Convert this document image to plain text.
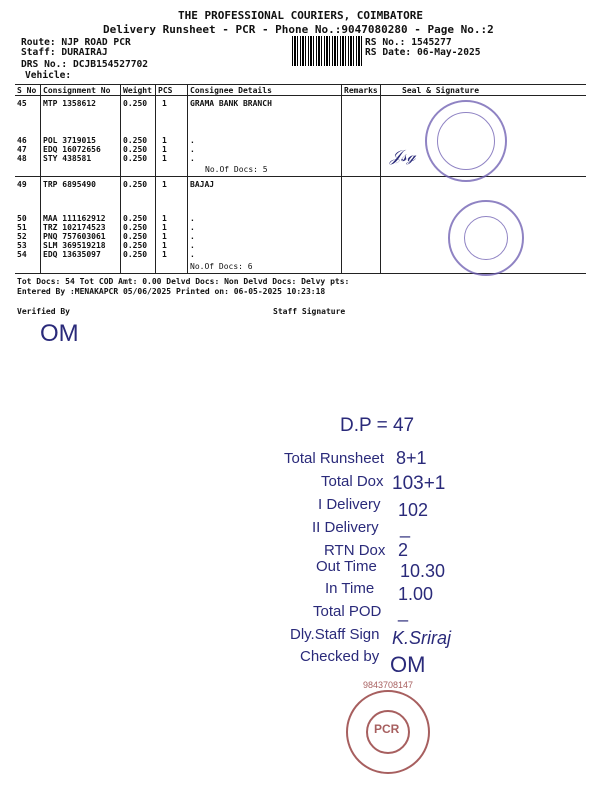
THE PROFESSIONAL COURIERS, COIMBATORE
Delivery Runsheet - PCR - Phone No.:9047080280 - Page No.:2
Route: NJP ROAD PCR
Staff: DURAIRAJ
DRS No.: DCJB154527702
Vehicle:
RS No.: 1545277
RS Date: 06-May-2025
S No Consignment No Weight PCS Consignee Details	Remarks	Seal & Signature
45 MTP 1358612	0.250 1	GRAMA BANK BRANCH
46 POL 3719015	0.250 1	.
47 EDQ 16072656	0.250 1	.
48 STY 438581	0.250 1	.
No.Of Docs: 5
49 TRP 6895490	0.250 1	BAJAJ
50 MAA 111162912 0.250 1	.
51 TRZ 102174523 0.250 1	.
52 PNQ 757603061 0.250 1	.
53 SLM 369519218 0.250 1	.
54 EDQ 13635097	0.250 1	.
No.Of Docs: 6
𝒥𝓈ℊ
Tot Docs: 54 Tot COD Amt: 0.00 Delvd Docs: Non Delvd Docs: Delvy pts:
Entered By :MENAKAPCR 05/06/2025 Printed on: 06-05-2025 10:23:18
Verified By	Staff Signature
OM
D.P = 47
Total Runsheet 8+1
Total Dox 103+1
I Delivery 102
II Delivery _
RTN Dox 2
Out Time 10.30
In Time 1.00
Total POD _
Dly.Staff Sign K.Sriraj
Checked by OM
PCR
9843708147
